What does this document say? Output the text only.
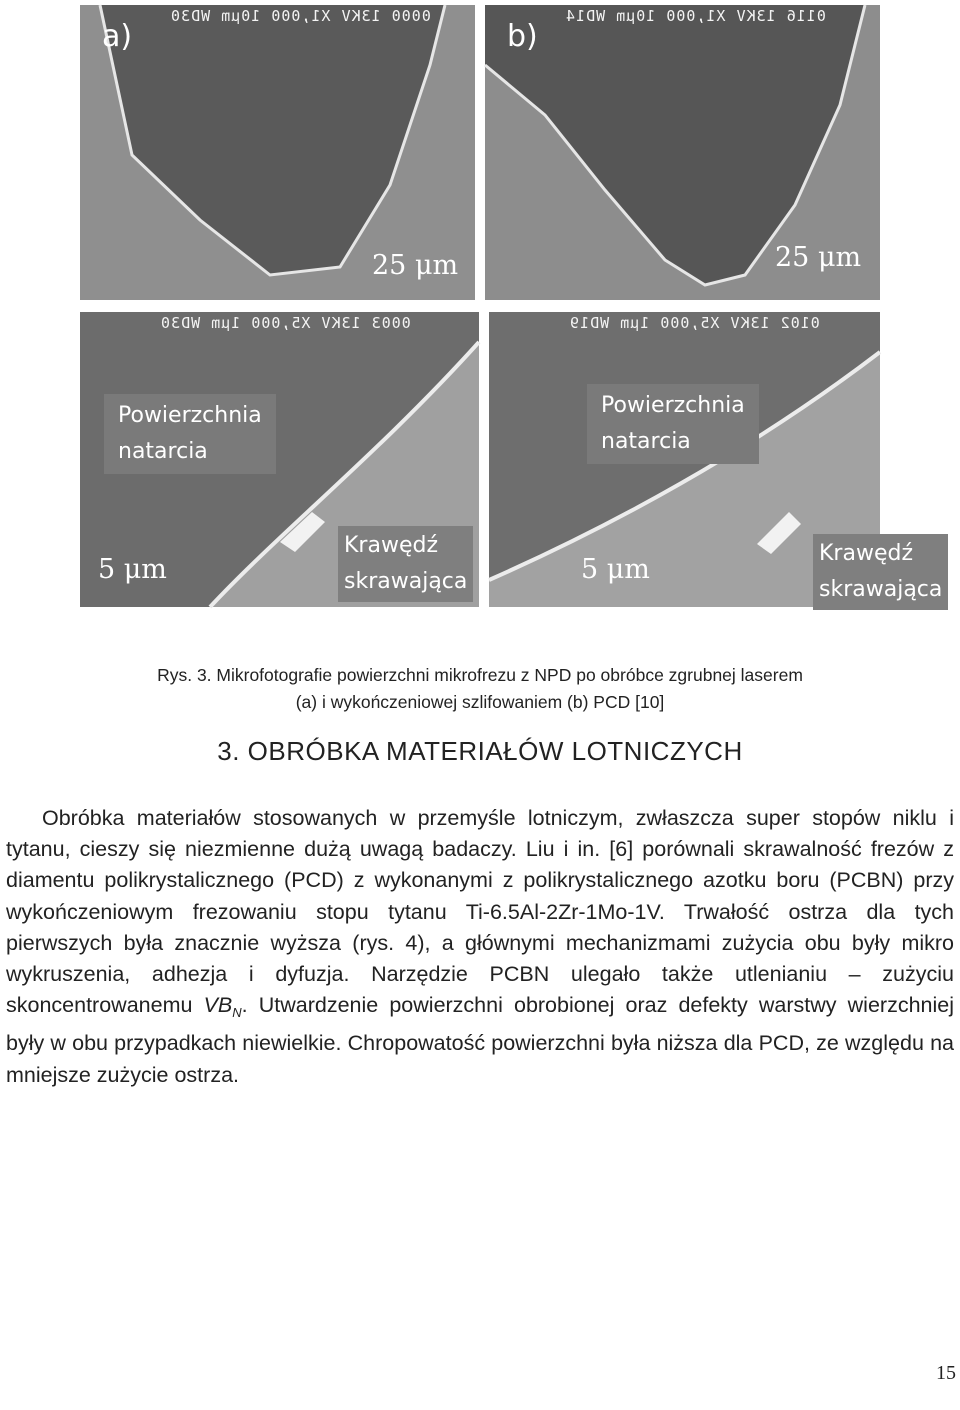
0000 13KV X1,000 10µm WD30
a)
25 μm
0116 13KV X1,000 10µm WD14
b)
25 μm
0003 13KV X5,000 1µm WD30
Powierzchnia
natarcia
Krawędź
skrawająca
5 μm
0102 13KV X5,000 1µm WD19
Powierzchnia
natarcia
Krawędź
skrawająca
5 μm
Rys. 3. Mikrofotografie powierzchni mikrofrezu z NPD po obróbce zgrubnej laserem
(a) i wykończeniowej szlifowaniem (b) PCD [10]
3. OBRÓBKA MATERIAŁÓW LOTNICZYCH

Obróbka materiałów stosowanych w przemyśle lotniczym, zwłaszcza super stopów niklu i tytanu, cieszy się niezmienne dużą uwagą badaczy. Liu i in. [6] porównali skrawalność frezów z diamentu polikrystalicznego (PCD) z wykonanymi z polikrystalicznego azotku boru (PCBN) przy wykończeniowym frezowaniu stopu tytanu Ti-6.5Al-2Zr-1Mo-1V. Trwałość ostrza dla tych pierwszych była znacznie wyższa (rys. 4), a głównymi mechanizmami zużycia obu były mikro wykruszenia, adhezja i dyfuzja. Narzędzie PCBN ulegało także utlenianiu – zużyciu skoncentrowanemu $VB_N$. Utwardzenie powierzchni obrobionej oraz defekty warstwy wierzchniej były w obu przypadkach niewielkie. Chropowatość powierzchni była niższa dla PCD, ze względu na mniejsze zużycie ostrza.

15
